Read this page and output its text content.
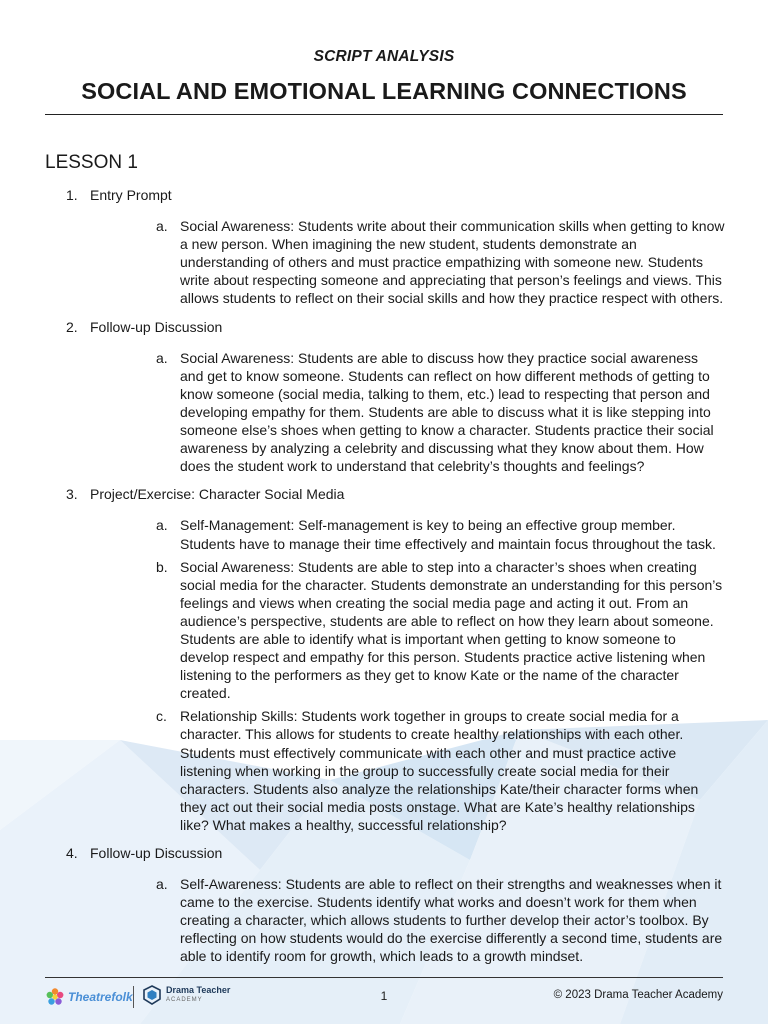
SCRIPT ANALYSIS
SOCIAL AND EMOTIONAL LEARNING CONNECTIONS
LESSON 1
1. Entry Prompt
a. Social Awareness: Students write about their communication skills when getting to know a new person. When imagining the new student, students demonstrate an understanding of others and must practice empathizing with someone new. Students write about respecting someone and appreciating that person’s feelings and views. This allows students to reflect on their social skills and how they practice respect with others.
2. Follow-up Discussion
a. Social Awareness: Students are able to discuss how they practice social awareness and get to know someone. Students can reflect on how different methods of getting to know someone (social media, talking to them, etc.) lead to respecting that person and developing empathy for them. Students are able to discuss what it is like stepping into someone else’s shoes when getting to know a character. Students practice their social awareness by analyzing a celebrity and discussing what they know about them. How does the student work to understand that celebrity’s thoughts and feelings?
3. Project/Exercise: Character Social Media
a. Self-Management: Self-management is key to being an effective group member. Students have to manage their time effectively and maintain focus throughout the task.
b. Social Awareness: Students are able to step into a character’s shoes when creating social media for the character. Students demonstrate an understanding for this person’s feelings and views when creating the social media page and acting it out. From an audience’s perspective, students are able to reflect on how they learn about someone. Students are able to identify what is important when getting to know someone to develop respect and empathy for this person. Students practice active listening when listening to the performers as they get to know Kate or the name of the character created.
c. Relationship Skills: Students work together in groups to create social media for a character. This allows for students to create healthy relationships with each other. Students must effectively communicate with each other and must practice active listening when working in the group to successfully create social media for their characters. Students also analyze the relationships Kate/their character forms when they act out their social media posts onstage. What are Kate’s healthy relationships like? What makes a healthy, successful relationship?
4. Follow-up Discussion
a. Self-Awareness: Students are able to reflect on their strengths and weaknesses when it came to the exercise. Students identify what works and doesn’t work for them when creating a character, which allows students to further develop their actor’s toolbox. By reflecting on how students would do the exercise differently a second time, students are able to identify room for growth, which leads to a growth mindset.
Theatrefolk	Drama Teacher
ACADEMY	1	© 2023 Drama Teacher Academy
